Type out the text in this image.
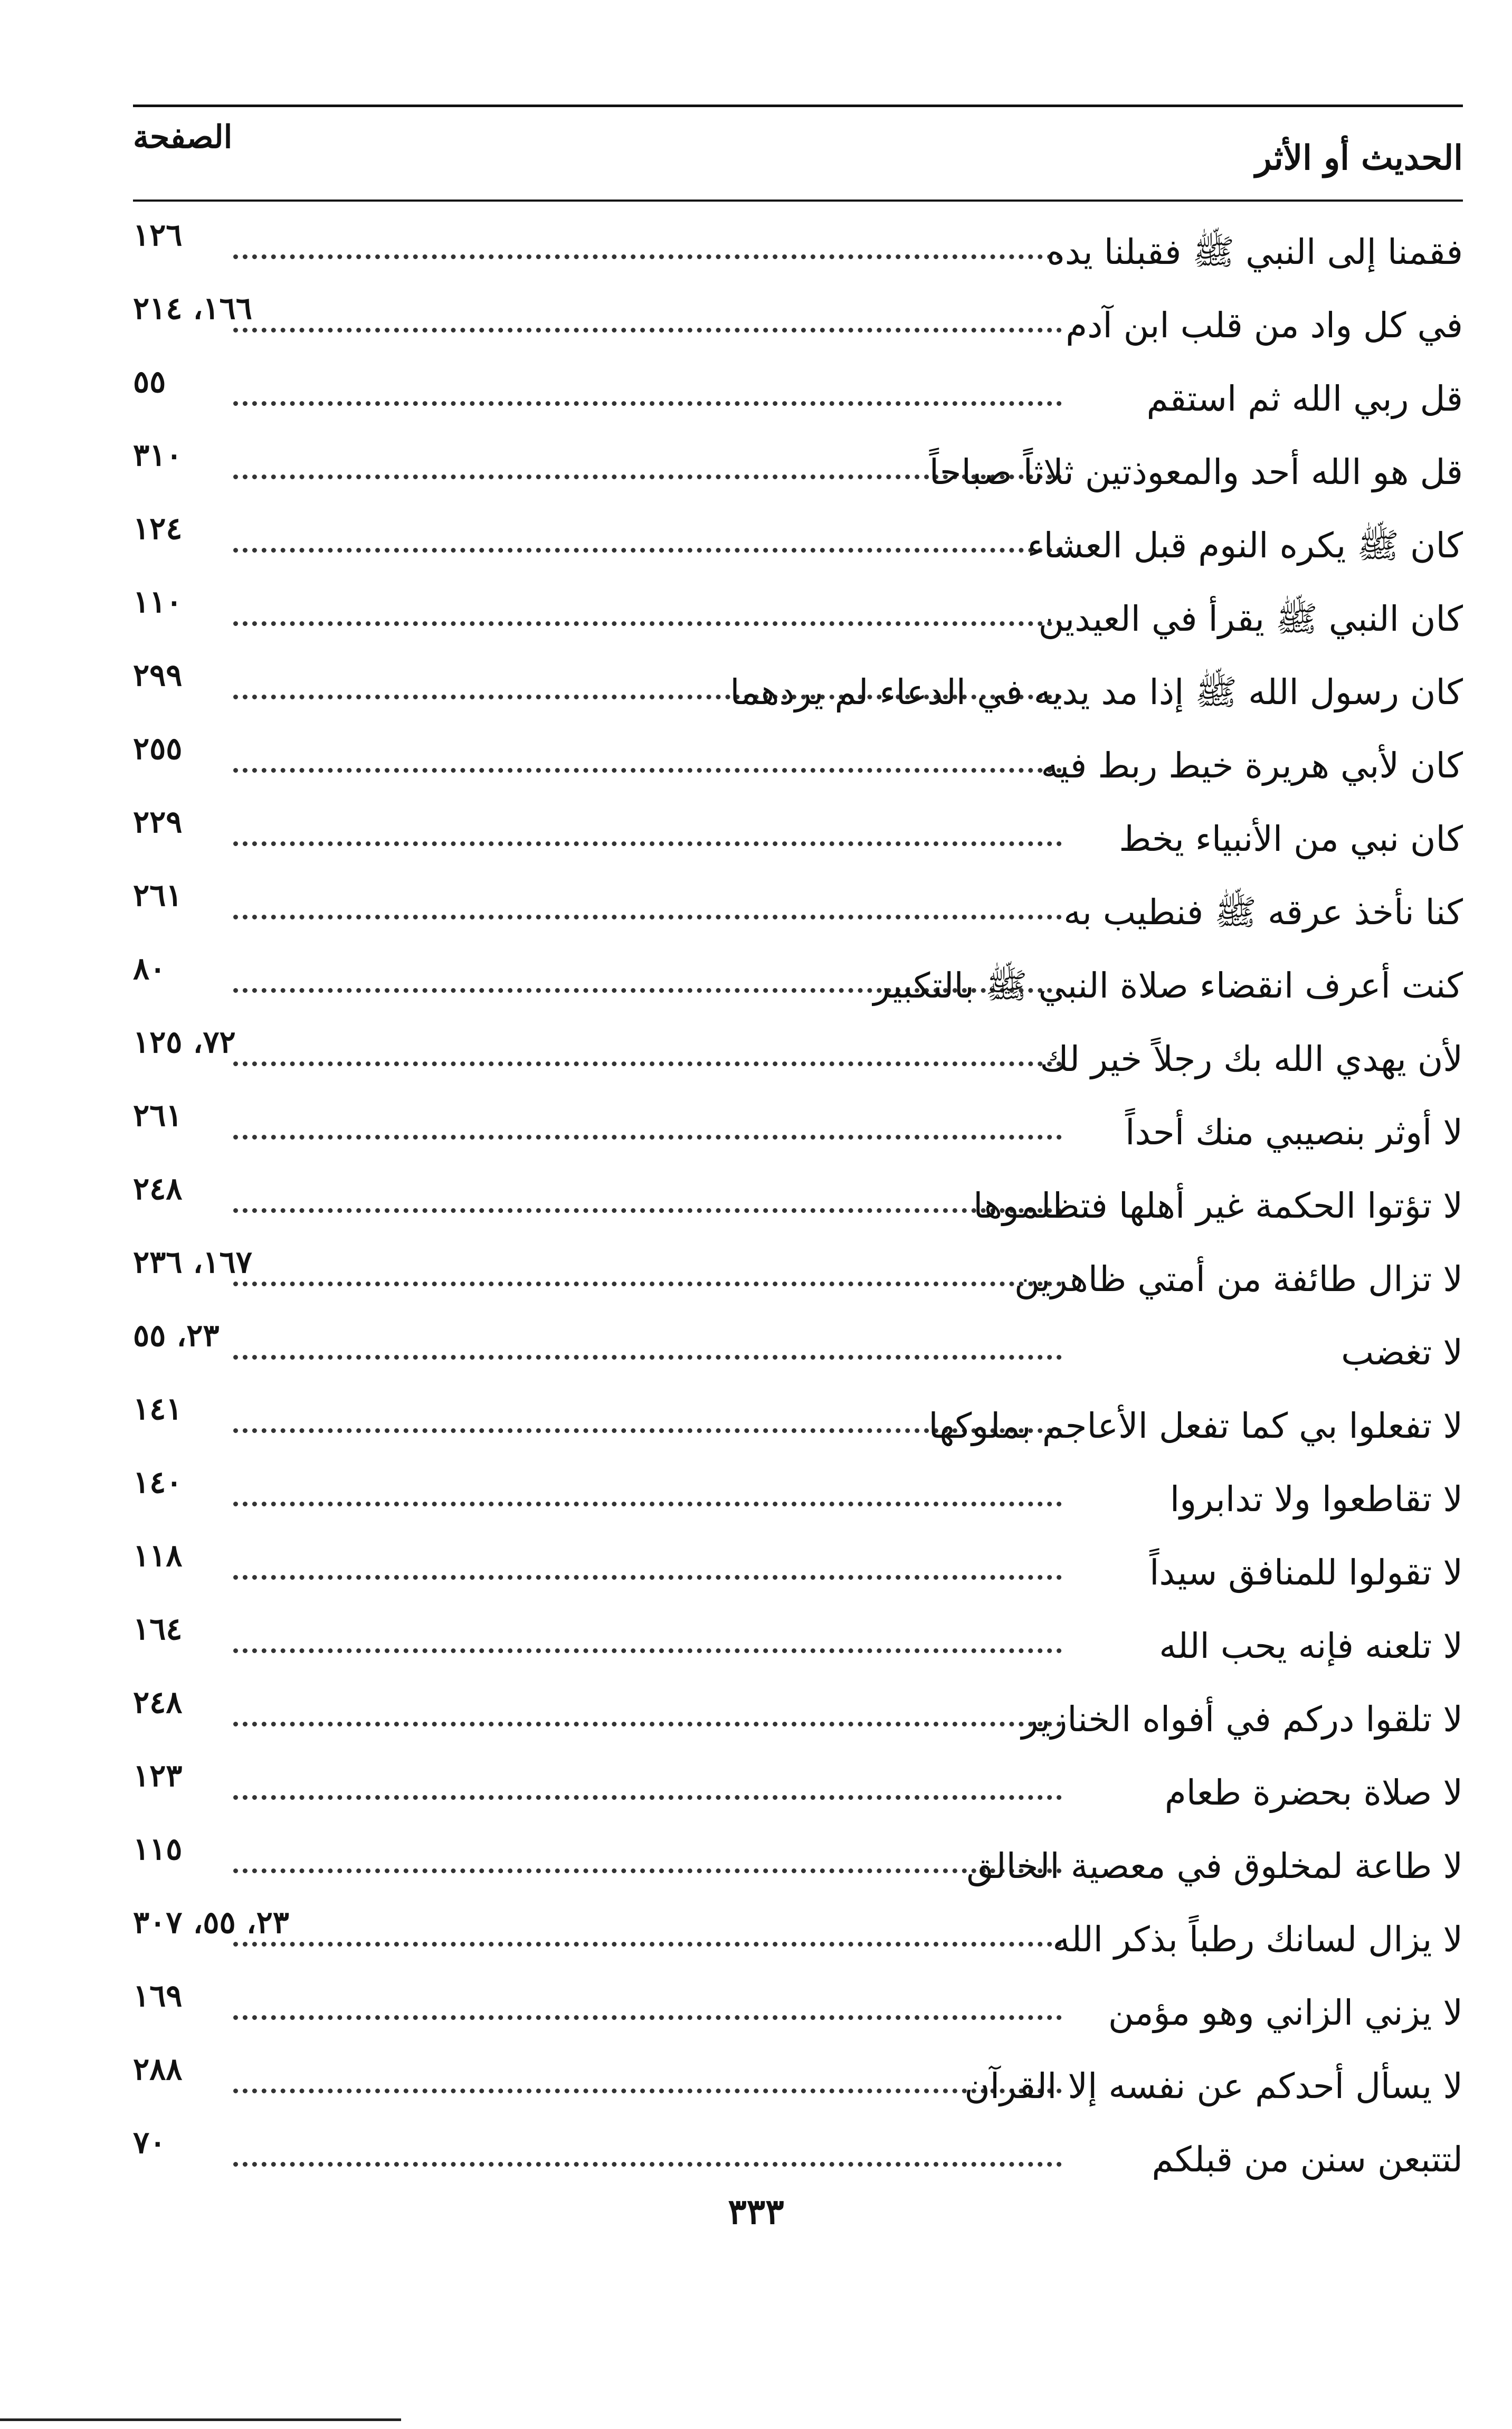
الحديث أو الأثر
الصفحة
فقمنا إلى النبي ﷺ فقبلنا يده
١٢٦
في كل واد من قلب ابن آدم
١٦٦، ٢١٤
قل ربي الله ثم استقم
٥٥
قل هو الله أحد والمعوذتين ثلاثاً صباحاً
٣١٠
كان ﷺ يكره النوم قبل العشاء
١٢٤
كان النبي ﷺ يقرأ في العيدين
١١٠
كان رسول الله ﷺ إذا مد يديه في الدعاء لم يردهما
٢٩٩
كان لأبي هريرة خيط ربط فيه
٢٥٥
كان نبي من الأنبياء يخط
٢٢٩
كنا نأخذ عرقه ﷺ فنطيب به
٢٦١
كنت أعرف انقضاء صلاة النبي ﷺ بالتكبير
٨٠
لأن يهدي الله بك رجلاً خير لك
٧٢، ١٢٥
لا أوثر بنصيبي منك أحداً
٢٦١
لا تؤتوا الحكمة غير أهلها فتظلموها
٢٤٨
لا تزال طائفة من أمتي ظاهرين
١٦٧، ٢٣٦
لا تغضب
٢٣، ٥٥
لا تفعلوا بي كما تفعل الأعاجم بملوكها
١٤١
لا تقاطعوا ولا تدابروا
١٤٠
لا تقولوا للمنافق سيداً
١١٨
لا تلعنه فإنه يحب الله
١٦٤
لا تلقوا دركم في أفواه الخنازير
٢٤٨
لا صلاة بحضرة طعام
١٢٣
لا طاعة لمخلوق في معصية الخالق
١١٥
لا يزال لسانك رطباً بذكر الله
٢٣، ٥٥، ٣٠٧
لا يزني الزاني وهو مؤمن
١٦٩
لا يسأل أحدكم عن نفسه إلا القرآن
٢٨٨
لتتبعن سنن من قبلكم
٧٠
٣٣٣
